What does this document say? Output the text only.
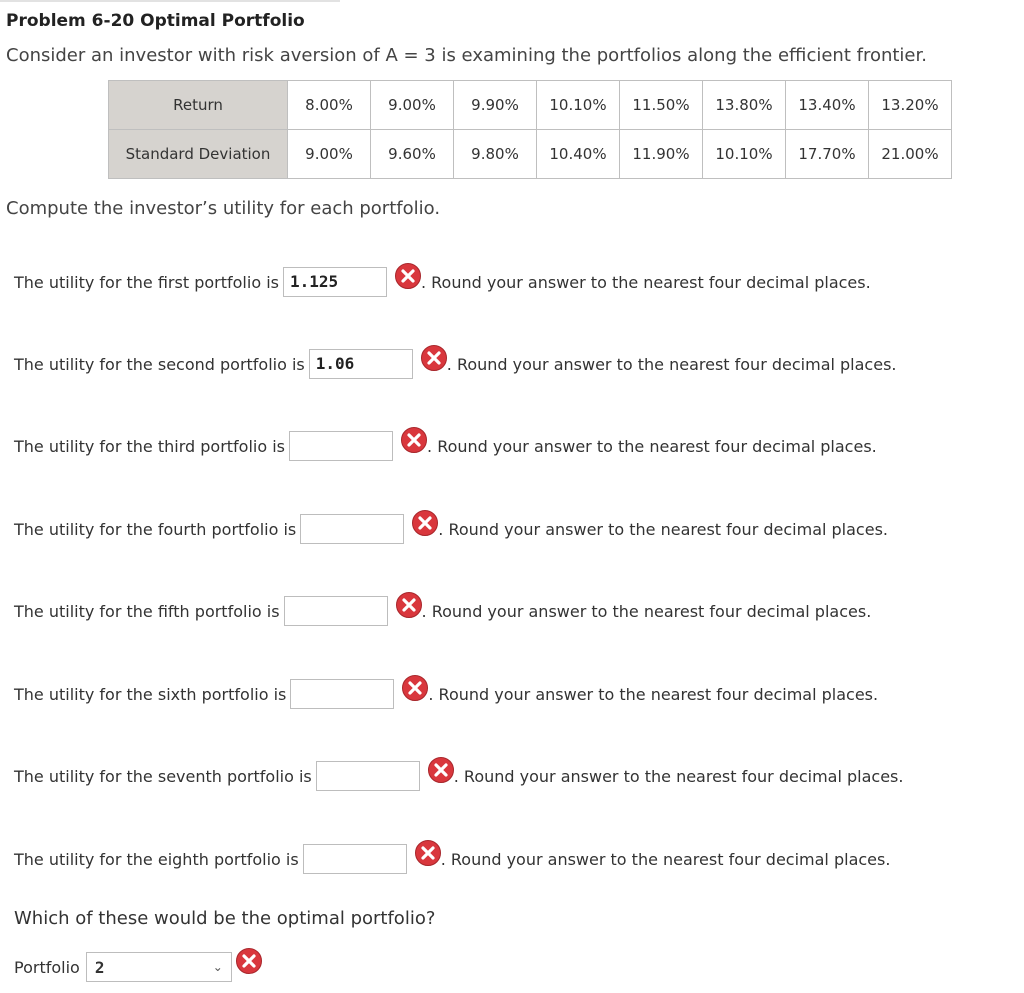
Problem 6-20 Optimal Portfolio
Consider an investor with risk aversion of A = 3 is examining the portfolios along the efficient frontier.
Return	8.00%	9.00%	9.90%	10.10%	11.50%	13.80%	13.40%	13.20%
Standard Deviation	9.00%	9.60%	9.80%	10.40%	11.90%	10.10%	17.70%	21.00%
Compute the investor’s utility for each portfolio.
The utility for the first portfolio is 1.125	. Round your answer to the nearest four decimal places.
The utility for the second portfolio is 1.06	. Round your answer to the nearest four decimal places.
The utility for the third portfolio is	. Round your answer to the nearest four decimal places.
The utility for the fourth portfolio is	. Round your answer to the nearest four decimal places.
The utility for the fifth portfolio is	. Round your answer to the nearest four decimal places.
The utility for the sixth portfolio is	. Round your answer to the nearest four decimal places.
The utility for the seventh portfolio is	. Round your answer to the nearest four decimal places.
The utility for the eighth portfolio is	. Round your answer to the nearest four decimal places.
Which of these would be the optimal portfolio?
Portfolio 2	⌄
